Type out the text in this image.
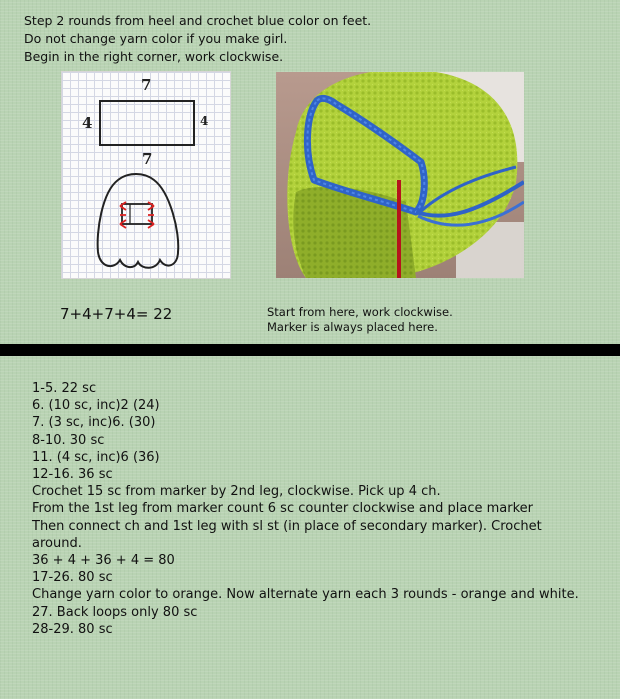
Step 2 rounds from heel and crochet blue color on feet.
Do not change yarn color if you make girl.
Begin in the right corner, work clockwise.
7
4	4
7
7+4+7+4= 22	Start from here, work clockwise.
Marker is always placed here.
1-5. 22 sc
6. (10 sc, inc)2 (24)
7. (3 sc, inc)6. (30)
8-10. 30 sc
11. (4 sc, inc)6 (36)
12-16. 36 sc
Crochet 15 sc from marker by 2nd leg, clockwise. Pick up 4 ch.
From the 1st leg from marker count 6 sc counter clockwise and place marker
Then connect ch and 1st leg with sl st (in place of secondary marker). Crochet around.
36 + 4 + 36 + 4 = 80
17-26. 80 sc
Change yarn color to orange. Now alternate yarn each 3 rounds - orange and white.
27. Back loops only 80 sc
28-29. 80 sc
